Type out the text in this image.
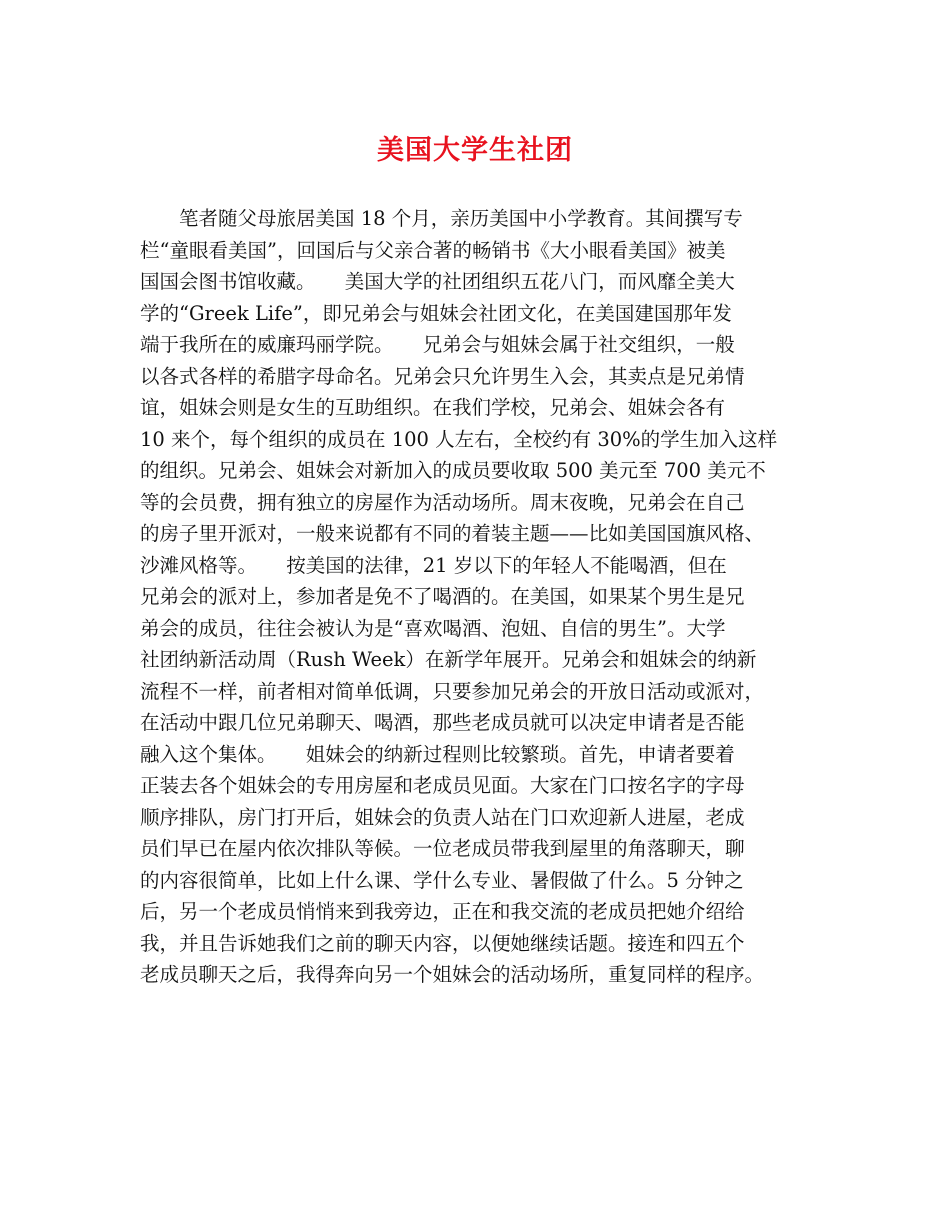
美国大学生社团
　　笔者随父母旅居美国 18 个月，亲历美国中小学教育。其间撰写专
栏“童眼看美国”，回国后与父亲合著的畅销书《大小眼看美国》被美
国国会图书馆收藏。　　美国大学的社团组织五花八门，而风靡全美大
学的“Greek Life”，即兄弟会与姐妹会社团文化，在美国建国那年发
端于我所在的威廉玛丽学院。　　兄弟会与姐妹会属于社交组织，一般
以各式各样的希腊字母命名。兄弟会只允许男生入会，其卖点是兄弟情
谊，姐妹会则是女生的互助组织。在我们学校，兄弟会、姐妹会各有
10 来个，每个组织的成员在 100 人左右，全校约有 30%的学生加入这样
的组织。兄弟会、姐妹会对新加入的成员要收取 500 美元至 700 美元不
等的会员费，拥有独立的房屋作为活动场所。周末夜晚，兄弟会在自己
的房子里开派对，一般来说都有不同的着装主题——比如美国国旗风格、
沙滩风格等。　　按美国的法律，21 岁以下的年轻人不能喝酒，但在
兄弟会的派对上，参加者是免不了喝酒的。在美国，如果某个男生是兄
弟会的成员，往往会被认为是“喜欢喝酒、泡妞、自信的男生”。大学
社团纳新活动周（Rush Week）在新学年展开。兄弟会和姐妹会的纳新
流程不一样，前者相对简单低调，只要参加兄弟会的开放日活动或派对，
在活动中跟几位兄弟聊天、喝酒，那些老成员就可以决定申请者是否能
融入这个集体。　　姐妹会的纳新过程则比较繁琐。首先，申请者要着
正装去各个姐妹会的专用房屋和老成员见面。大家在门口按名字的字母
顺序排队，房门打开后，姐妹会的负责人站在门口欢迎新人进屋，老成
员们早已在屋内依次排队等候。一位老成员带我到屋里的角落聊天，聊
的内容很简单，比如上什么课、学什么专业、暑假做了什么。5 分钟之
后，另一个老成员悄悄来到我旁边，正在和我交流的老成员把她介绍给
我，并且告诉她我们之前的聊天内容，以便她继续话题。接连和四五个
老成员聊天之后，我得奔向另一个姐妹会的活动场所，重复同样的程序。
